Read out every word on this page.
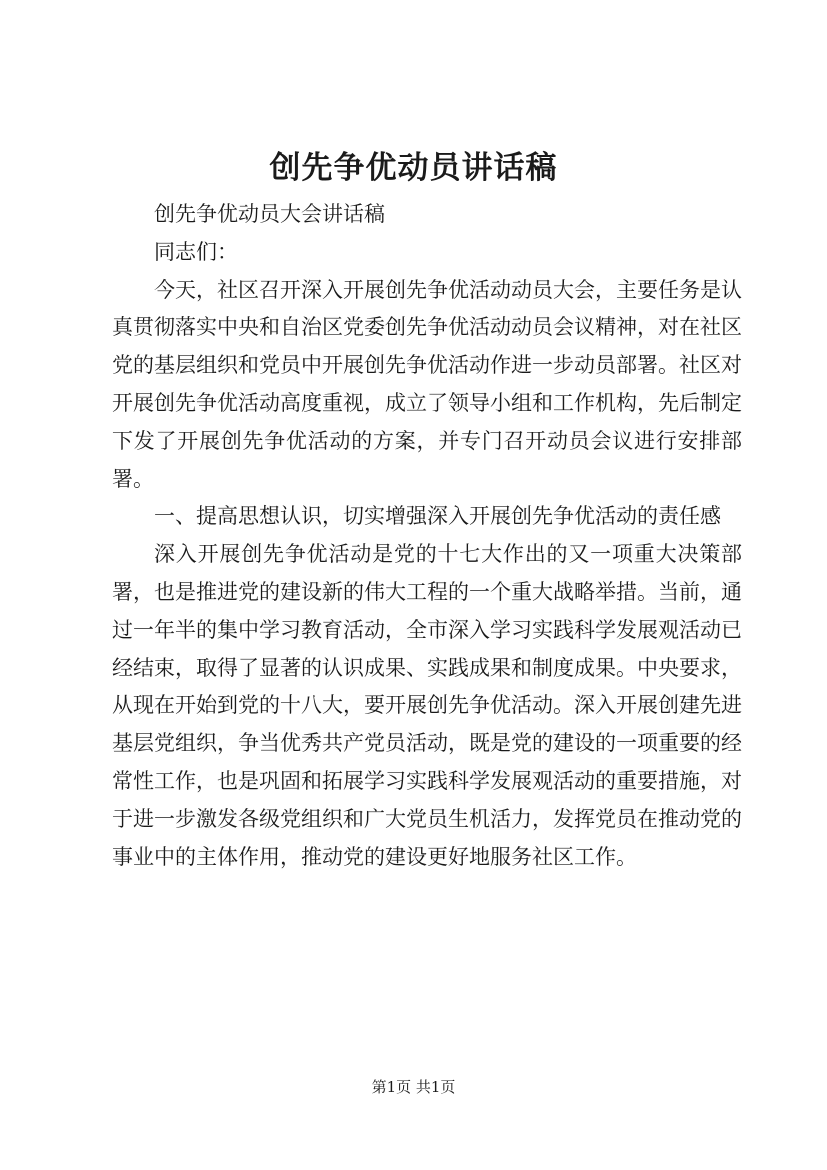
创先争优动员讲话稿

创先争优动员大会讲话稿

同志们：

今天，社区召开深入开展创先争优活动动员大会，主要任务是认真贯彻落实中央和自治区党委创先争优活动动员会议精神，对在社区党的基层组织和党员中开展创先争优活动作进一步动员部署。社区对开展创先争优活动高度重视，成立了领导小组和工作机构，先后制定下发了开展创先争优活动的方案，并专门召开动员会议进行安排部署。

一、提高思想认识，切实增强深入开展创先争优活动的责任感

深入开展创先争优活动是党的十七大作出的又一项重大决策部署，也是推进党的建设新的伟大工程的一个重大战略举措。当前，通过一年半的集中学习教育活动，全市深入学习实践科学发展观活动已经结束，取得了显著的认识成果、实践成果和制度成果。中央要求，从现在开始到党的十八大，要开展创先争优活动。深入开展创建先进基层党组织，争当优秀共产党员活动，既是党的建设的一项重要的经常性工作，也是巩固和拓展学习实践科学发展观活动的重要措施，对于进一步激发各级党组织和广大党员生机活力，发挥党员在推动党的事业中的主体作用，推动党的建设更好地服务社区工作。

第1页 共1页
